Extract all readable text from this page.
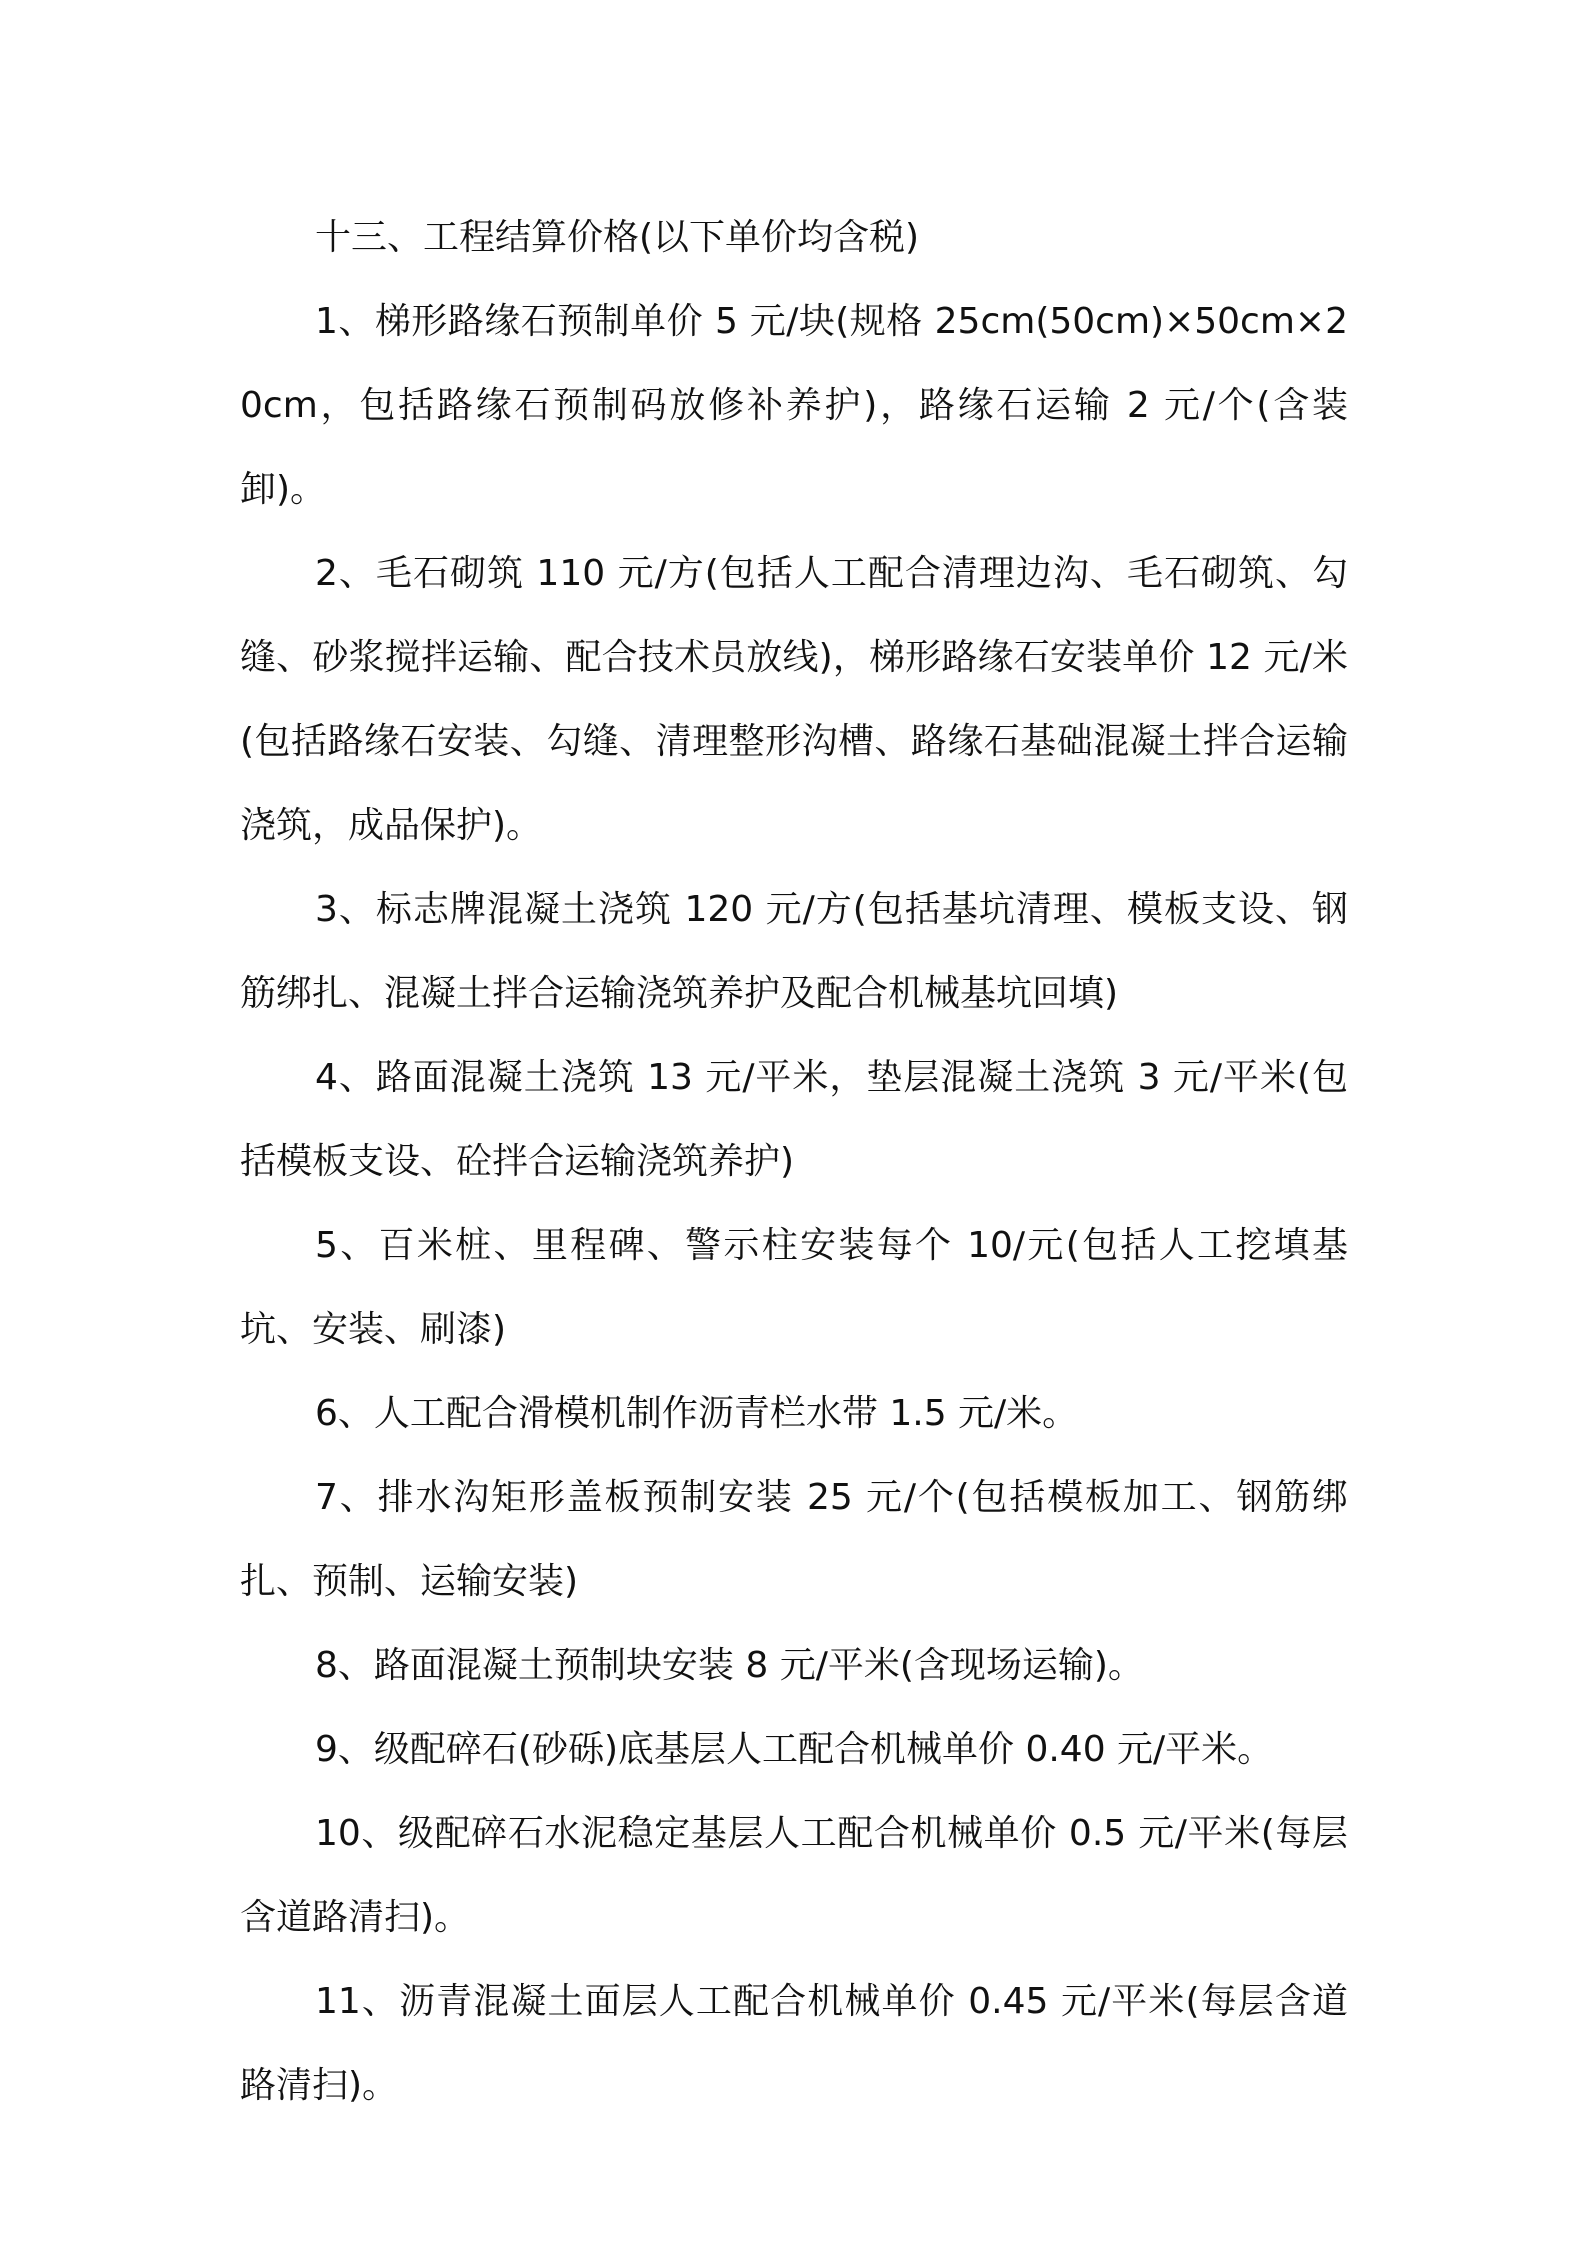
十三、工程结算价格(以下单价均含税)

1、梯形路缘石预制单价 5 元/块(规格 25cm(50cm)×50cm×20cm，包括路缘石预制码放修补养护)，路缘石运输 2 元/个(含装卸)。

2、毛石砌筑 110 元/方(包括人工配合清理边沟、毛石砌筑、勾缝、砂浆搅拌运输、配合技术员放线)，梯形路缘石安装单价 12 元/米(包括路缘石安装、勾缝、清理整形沟槽、路缘石基础混凝土拌合运输浇筑，成品保护)。

3、标志牌混凝土浇筑 120 元/方(包括基坑清理、模板支设、钢筋绑扎、混凝土拌合运输浇筑养护及配合机械基坑回填)

4、路面混凝土浇筑 13 元/平米，垫层混凝土浇筑 3 元/平米(包括模板支设、砼拌合运输浇筑养护)

5、百米桩、里程碑、警示柱安装每个 10/元(包括人工挖填基坑、安装、刷漆)

6、人工配合滑模机制作沥青栏水带 1.5 元/米。

7、排水沟矩形盖板预制安装 25 元/个(包括模板加工、钢筋绑扎、预制、运输安装)

8、路面混凝土预制块安装 8 元/平米(含现场运输)。

9、级配碎石(砂砾)底基层人工配合机械单价 0.40 元/平米。

10、级配碎石水泥稳定基层人工配合机械单价 0.5 元/平米(每层含道路清扫)。

11、沥青混凝土面层人工配合机械单价 0.45 元/平米(每层含道路清扫)。
